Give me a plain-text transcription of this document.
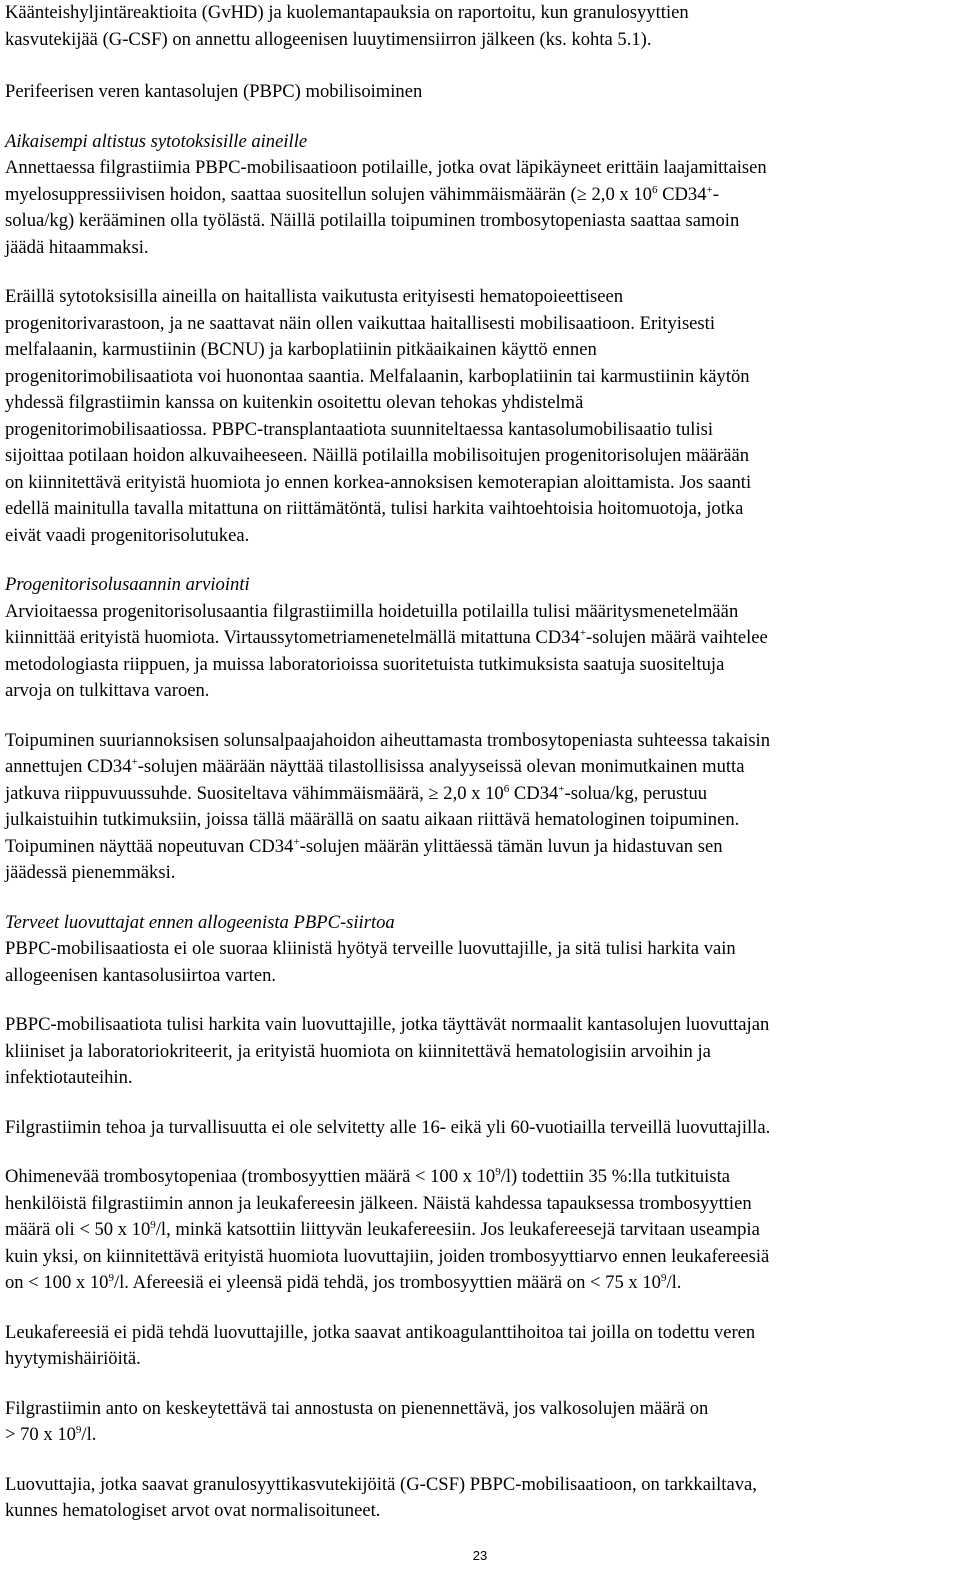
Käänteishyljintäreaktioita (GvHD) ja kuolemantapauksia on raportoitu, kun granulosyyttien
kasvutekijää (G-CSF) on annettu allogeenisen luuytimensiirron jälkeen (ks. kohta 5.1).

Perifeerisen veren kantasolujen (PBPC) mobilisoiminen

Aikaisempi altistus sytotoksisille aineille

Annettaessa filgrastiimia PBPC-mobilisaatioon potilaille, jotka ovat läpikäyneet erittäin laajamittaisen
myelosuppressiivisen hoidon, saattaa suositellun solujen vähimmäismäärän (≥ 2,0 x $10^6$ CD34+-
solua/kg) kerääminen olla työlästä. Näillä potilailla toipuminen trombosytopeniasta saattaa samoin
jäädä hitaammaksi.

Eräillä sytotoksisilla aineilla on haitallista vaikutusta erityisesti hematopoieettiseen
progenitorivarastoon, ja ne saattavat näin ollen vaikuttaa haitallisesti mobilisaatioon. Erityisesti
melfalaanin, karmustiinin (BCNU) ja karboplatiinin pitkäaikainen käyttö ennen
progenitorimobilisaatiota voi huonontaa saantia. Melfalaanin, karboplatiinin tai karmustiinin käytön
yhdessä filgrastiimin kanssa on kuitenkin osoitettu olevan tehokas yhdistelmä
progenitorimobilisaatiossa. PBPC-transplantaatiota suunniteltaessa kantasolumobilisaatio tulisi
sijoittaa potilaan hoidon alkuvaiheeseen. Näillä potilailla mobilisoitujen progenitorisolujen määrään
on kiinnitettävä erityistä huomiota jo ennen korkea-annoksisen kemoterapian aloittamista. Jos saanti
edellä mainitulla tavalla mitattuna on riittämätöntä, tulisi harkita vaihtoehtoisia hoitomuotoja, jotka
eivät vaadi progenitorisolutukea.

Progenitorisolusaannin arviointi

Arvioitaessa progenitorisolusaantia filgrastiimilla hoidetuilla potilailla tulisi määritysmenetelmään
kiinnittää erityistä huomiota. Virtaussytometriamenetelmällä mitattuna CD34+-solujen määrä vaihtelee
metodologiasta riippuen, ja muissa laboratorioissa suoritetuista tutkimuksista saatuja suositeltuja
arvoja on tulkittava varoen.

Toipuminen suuriannoksisen solunsalpaajahoidon aiheuttamasta trombosytopeniasta suhteessa takaisin
annettujen CD34+-solujen määrään näyttää tilastollisissa analyyseissä olevan monimutkainen mutta
jatkuva riippuvuussuhde. Suositeltava vähimmäismäärä, ≥ 2,0 x $10^6$ CD34+-solua/kg, perustuu
julkaistuihin tutkimuksiin, joissa tällä määrällä on saatu aikaan riittävä hematologinen toipuminen.
Toipuminen näyttää nopeutuvan CD34+-solujen määrän ylittäessä tämän luvun ja hidastuvan sen
jäädessä pienemmäksi.

Terveet luovuttajat ennen allogeenista PBPC-siirtoa

PBPC-mobilisaatiosta ei ole suoraa kliinistä hyötyä terveille luovuttajille, ja sitä tulisi harkita vain
allogeenisen kantasolusiirtoa varten.

PBPC-mobilisaatiota tulisi harkita vain luovuttajille, jotka täyttävät normaalit kantasolujen luovuttajan
kliiniset ja laboratoriokriteerit, ja erityistä huomiota on kiinnitettävä hematologisiin arvoihin ja
infektiotauteihin.

Filgrastiimin tehoa ja turvallisuutta ei ole selvitetty alle 16- eikä yli 60-vuotiailla terveillä luovuttajilla.

Ohimenevää trombosytopeniaa (trombosyyttien määrä < 100 x $10^9/l$) todettiin 35 %:lla tutkituista
henkilöistä filgrastiimin annon ja leukafereesin jälkeen. Näistä kahdessa tapauksessa trombosyyttien
määrä oli < 50 x $10^9/l$, minkä katsottiin liittyvän leukafereesiin. Jos leukafereesejä tarvitaan useampia
kuin yksi, on kiinnitettävä erityistä huomiota luovuttajiin, joiden trombosyyttiarvo ennen leukafereesiä
on < 100 x $10^9/l$. Afereesiä ei yleensä pidä tehdä, jos trombosyyttien määrä on < 75 x $10^9/l$.

Leukafereesiä ei pidä tehdä luovuttajille, jotka saavat antikoagulanttihoitoa tai joilla on todettu veren
hyytymishäiriöitä.

Filgrastiimin anto on keskeytettävä tai annostusta on pienennettävä, jos valkosolujen määrä on
> 70 x $10^9/l$.

Luovuttajia, jotka saavat granulosyyttikasvutekijöitä (G-CSF) PBPC-mobilisaatioon, on tarkkailtava,
kunnes hematologiset arvot ovat normalisoituneet.

23
